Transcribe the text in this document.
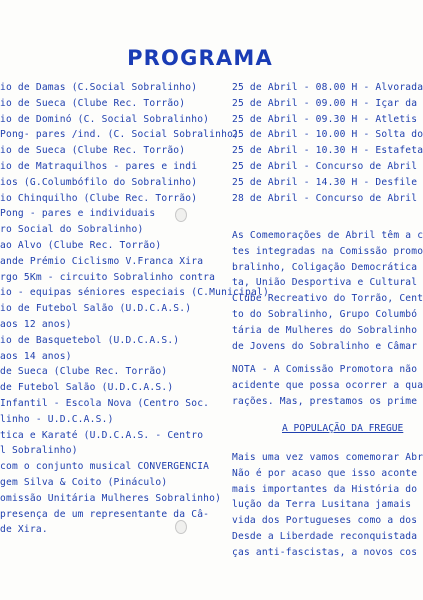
PROGRAMA
io de Damas (C.Social Sobralinho)
io de Sueca (Clube Rec. Torrão)
io de Dominó (C. Social Sobralinho)
Pong- pares /ind. (C. Social Sobralinho)
io de Sueca (Clube Rec. Torrão)
io de Matraquilhos - pares e indi
ios (G.Columbófilo do Sobralinho)
io Chinquilho (Clube Rec. Torrão)
Pong - pares e individuais
ro Social do Sobralinho)
ao Alvo (Clube Rec. Torrão)
ande Prémio Ciclismo V.Franca Xira
rgo 5Km - circuito Sobralinho contra
io - equipas séniores especiais (C.Municipal)
io de Futebol Salão (U.D.C.A.S.)
aos 12 anos)
io de Basquetebol (U.D.C.A.S.)
aos 14 anos)
de Sueca (Clube Rec. Torrão)
de Futebol Salão (U.D.C.A.S.)
Infantil - Escola Nova (Centro Soc.
linho - U.D.C.A.S.)
tica e Karaté (U.D.C.A.S. - Centro
l Sobralinho)
com o conjunto musical CONVERGENCIA
gem Silva & Coito (Pináculo)
omissão Unitária Mulheres Sobralinho)
presença de um representante da Câ-
de Xira.
25 de Abril - 08.00 H - Alvorada
25 de Abril - 09.00 H - Içar da
25 de Abril - 09.30 H - Atletis
25 de Abril - 10.00 H - Solta do
25 de Abril - 10.30 H - Estafeta
25 de Abril - Concurso de Abril
25 de Abril - 14.30 H - Desfile
28 de Abril - Concurso de Abril
As Comemorações de Abril têm a c
tes integradas na Comissão promo
bralinho, Coligação Democrática
ta, União Desportiva e Cultural
Clube Recreativo do Torrão, Cent
to do Sobralinho, Grupo Columbó
tária de Mulheres do Sobralinho
de Jovens do Sobralinho e Câmar
NOTA - A Comissão Promotora não
acidente que possa ocorrer a qua
rações. Mas, prestamos os prime
A POPULAÇÃO DA FREGUE
Mais uma vez vamos comemorar Abr
Não é por acaso que isso aconte
mais importantes da História do
lução da Terra Lusitana jamais
vida dos Portugueses como a dos
Desde a Liberdade reconquistada
ças anti-fascistas, a novos cos
